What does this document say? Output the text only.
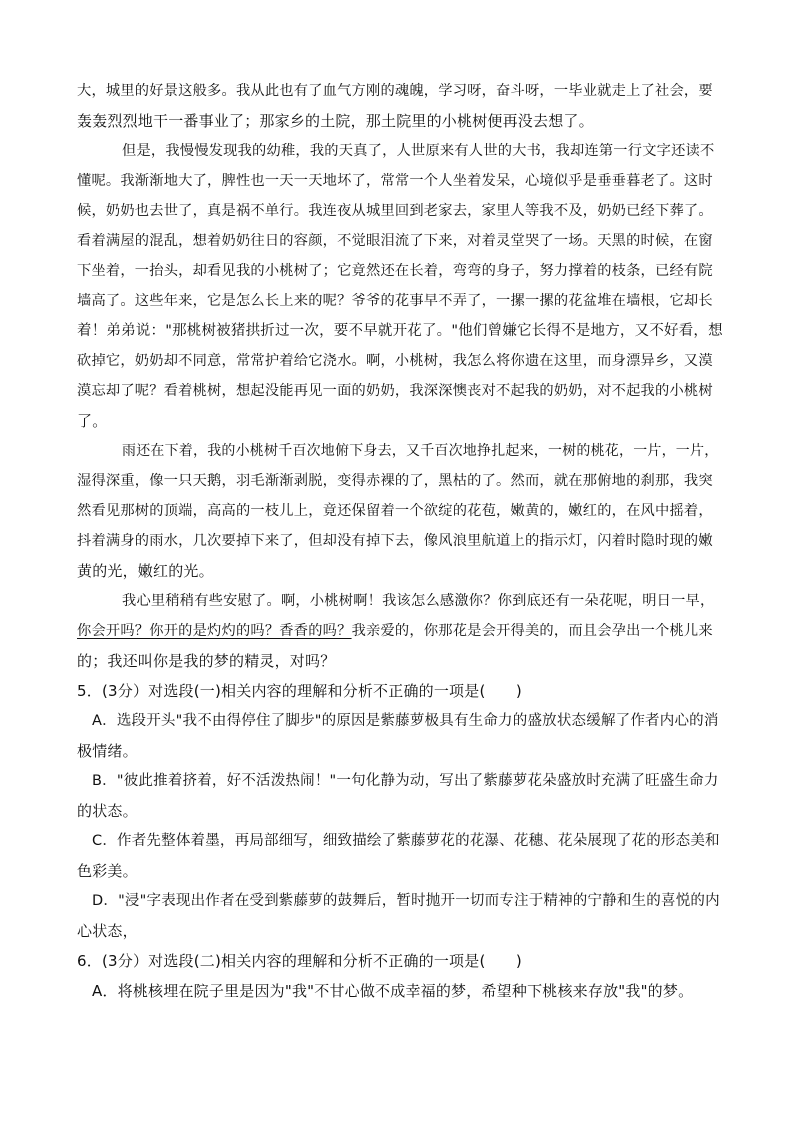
大，城里的好景这般多。我从此也有了血气方刚的魂魄，学习呀，奋斗呀，一毕业就走上了社会，要
轰轰烈烈地干一番事业了；那家乡的土院，那土院里的小桃树便再没去想了。
但是，我慢慢发现我的幼稚，我的天真了，人世原来有人世的大书，我却连第一行文字还读不
懂呢。我渐渐地大了，脾性也一天一天地坏了，常常一个人坐着发呆，心境似乎是垂垂暮老了。这时
候，奶奶也去世了，真是祸不单行。我连夜从城里回到老家去，家里人等我不及，奶奶已经下葬了。
看着满屋的混乱，想着奶奶往日的容颜，不觉眼泪流了下来，对着灵堂哭了一场。天黑的时候，在窗
下坐着，一抬头，却看见我的小桃树了；它竟然还在长着，弯弯的身子，努力撑着的枝条，已经有院
墙高了。这些年来，它是怎么长上来的呢？爷爷的花事早不弄了，一摞一摞的花盆堆在墙根，它却长
着！弟弟说："那桃树被猪拱折过一次，要不早就开花了。"他们曾嫌它长得不是地方，又不好看，想
砍掉它，奶奶却不同意，常常护着给它浇水。啊，小桃树，我怎么将你遗在这里，而身漂异乡，又漠
漠忘却了呢？看着桃树，想起没能再见一面的奶奶，我深深懊丧对不起我的奶奶，对不起我的小桃树
了。
雨还在下着，我的小桃树千百次地俯下身去，又千百次地挣扎起来，一树的桃花，一片，一片，
湿得深重，像一只天鹅，羽毛渐渐剥脱，变得赤裸的了，黑枯的了。然而，就在那俯地的刹那，我突
然看见那树的顶端，高高的一枝儿上，竟还保留着一个欲绽的花苞，嫩黄的，嫩红的，在风中摇着，
抖着满身的雨水，几次要掉下来了，但却没有掉下去，像风浪里航道上的指示灯，闪着时隐时现的嫩
黄的光，嫩红的光。
我心里稍稍有些安慰了。啊，小桃树啊！我该怎么感激你？你到底还有一朵花呢，明日一早，
你会开吗？你开的是灼灼的吗？香香的吗？我亲爱的，你那花是会开得美的，而且会孕出一个桃儿来
的；我还叫你是我的梦的精灵，对吗？
5．(3分）对选段(一)相关内容的理解和分析不正确的一项是(　　)
A．选段开头"我不由得停住了脚步"的原因是紫藤萝极具有生命力的盛放状态缓解了作者内心的消
极情绪。
B．"彼此推着挤着，好不活泼热闹！"一句化静为动，写出了紫藤萝花朵盛放时充满了旺盛生命力
的状态。
C．作者先整体着墨，再局部细写，细致描绘了紫藤萝花的花瀑、花穗、花朵展现了花的形态美和
色彩美。
D．"浸"字表现出作者在受到紫藤萝的鼓舞后，暂时抛开一切而专注于精神的宁静和生的喜悦的内
心状态，
6．(3分）对选段(二)相关内容的理解和分析不正确的一项是(　　)
A．将桃核埋在院子里是因为"我"不甘心做不成幸福的梦，希望种下桃核来存放"我"的梦。
